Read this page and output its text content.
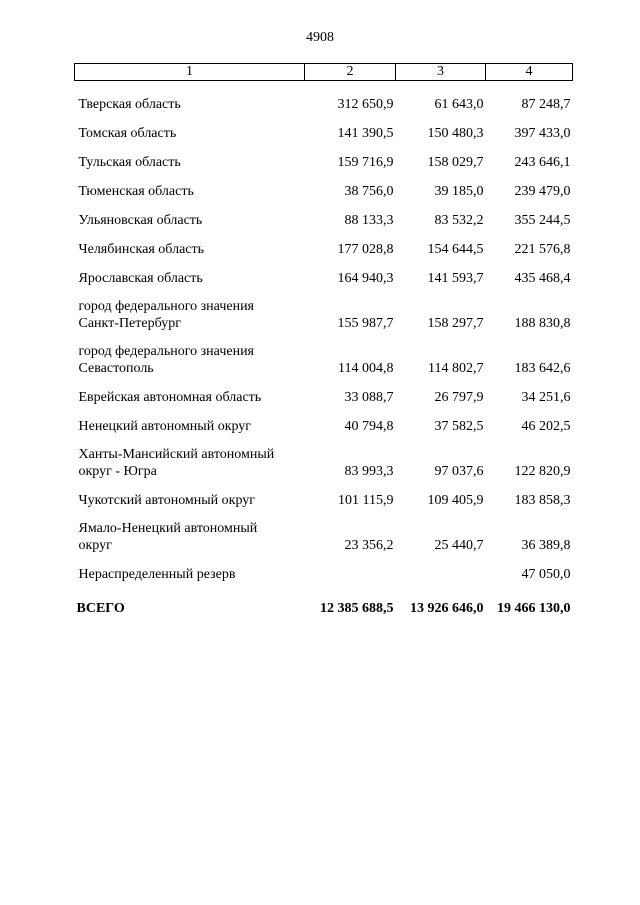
4908
1	2	3	4
Тверская область	312 650,9	61 643,0	87 248,7
Томская область	141 390,5	150 480,3	397 433,0
Тульская область	159 716,9	158 029,7	243 646,1
Тюменская область	38 756,0	39 185,0	239 479,0
Ульяновская область	88 133,3	83 532,2	355 244,5
Челябинская область	177 028,8	154 644,5	221 576,8
Ярославская область	164 940,3	141 593,7	435 468,4
город федерального значения
Санкт-Петербург	155 987,7	158 297,7	188 830,8
город федерального значения
Севастополь	114 004,8	114 802,7	183 642,6
Еврейская автономная область	33 088,7	26 797,9	34 251,6
Ненецкий автономный округ	40 794,8	37 582,5	46 202,5
Ханты-Мансийский автономный
округ - Югра	83 993,3	97 037,6	122 820,9
Чукотский автономный округ	101 115,9	109 405,9	183 858,3
Ямало-Ненецкий автономный
округ	23 356,2	25 440,7	36 389,8
Нераспределенный резерв			47 050,0
ВСЕГО	12 385 688,5	13 926 646,0	19 466 130,0
